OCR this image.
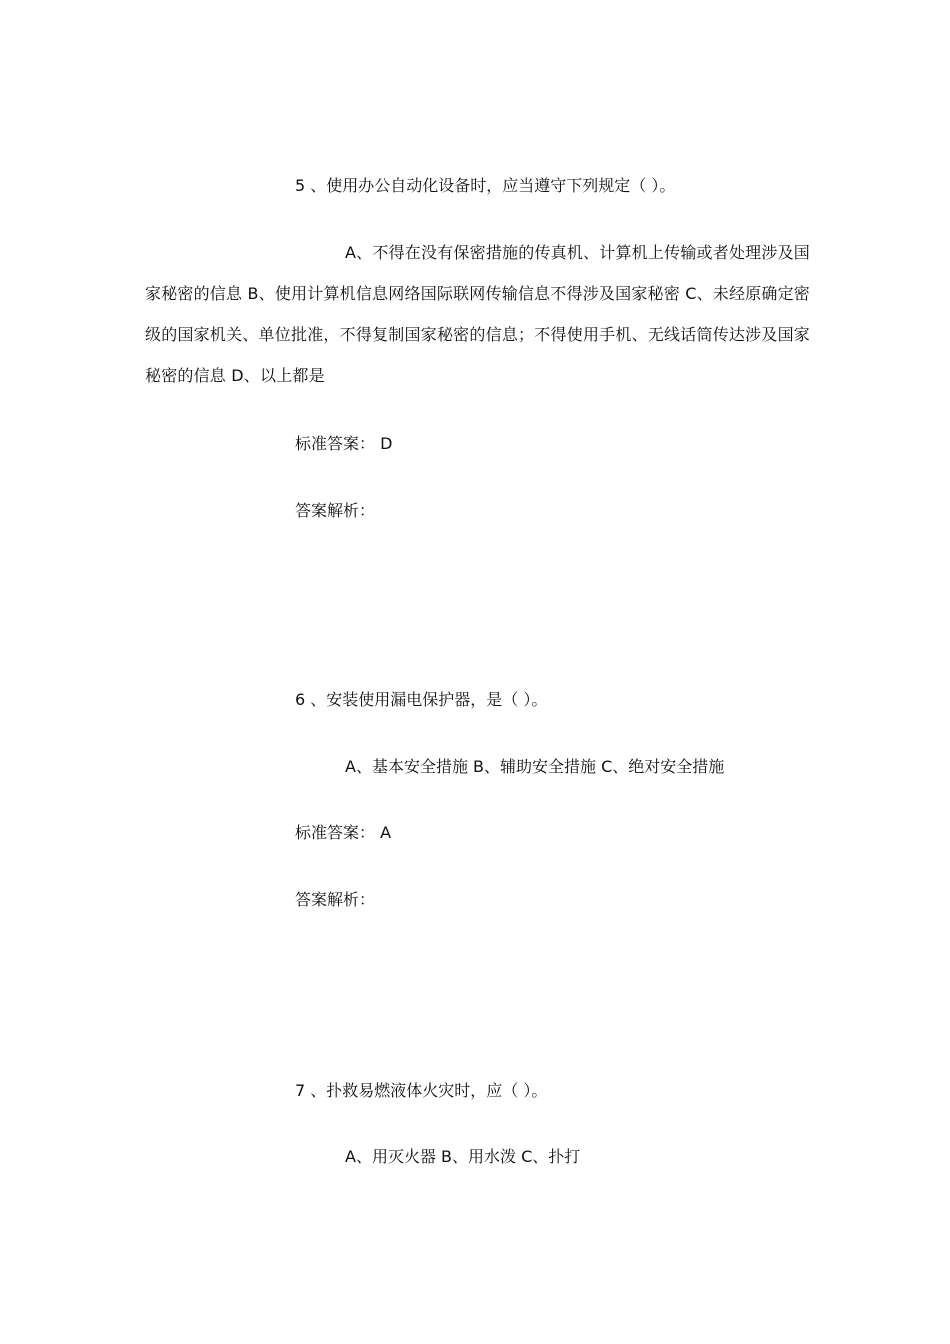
5 、使用办公自动化设备时，应当遵守下列规定（ ）。
A、不得在没有保密措施的传真机、计算机上传输或者处理涉及国家秘密的信息 B、使用计算机信息网络国际联网传输信息不得涉及国家秘密 C、未经原确定密级的国家机关、单位批准，不得复制国家秘密的信息；不得使用手机、无线话筒传达涉及国家秘密的信息 D、以上都是
标准答案： D
答案解析：
6 、安装使用漏电保护器，是（ ）。
A、基本安全措施 B、辅助安全措施 C、绝对安全措施
标准答案： A
答案解析：
7 、扑救易燃液体火灾时，应（ ）。
A、用灭火器 B、用水泼 C、扑打
